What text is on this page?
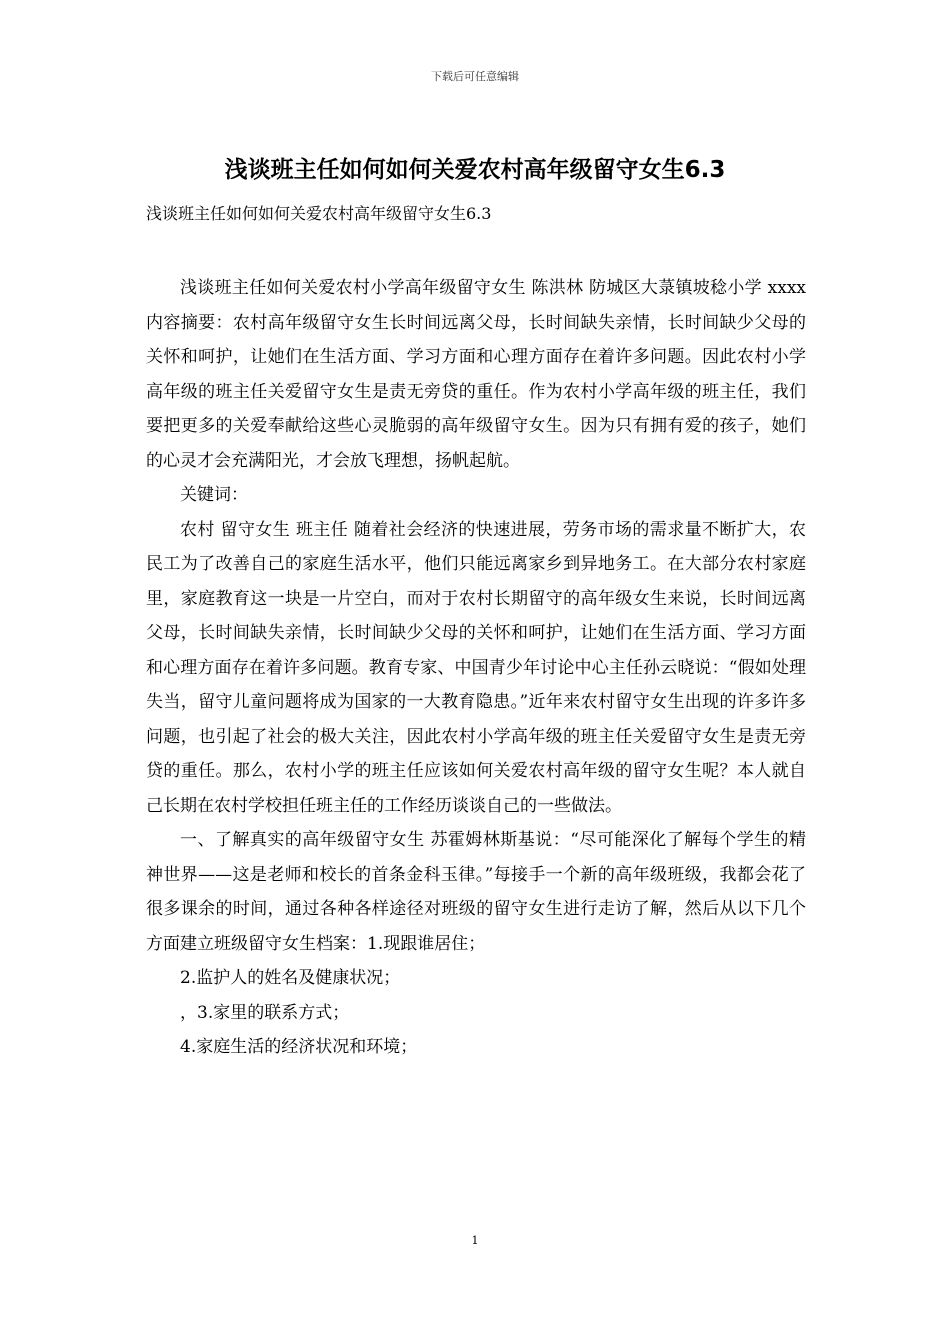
下载后可任意编辑
浅谈班主任如何如何关爱农村高年级留守女生6.3
浅谈班主任如何如何关爱农村高年级留守女生6.3

浅谈班主任如何关爱农村小学高年级留守女生 陈洪林 防城区大菉镇坡稔小学 xxxx 内容摘要：农村高年级留守女生长时间远离父母，长时间缺失亲情，长时间缺少父母的关怀和呵护，让她们在生活方面、学习方面和心理方面存在着许多问题。因此农村小学高年级的班主任关爱留守女生是责无旁贷的重任。作为农村小学高年级的班主任，我们要把更多的关爱奉献给这些心灵脆弱的高年级留守女生。因为只有拥有爱的孩子，她们的心灵才会充满阳光，才会放飞理想，扬帆起航。

关键词：

农村 留守女生 班主任 随着社会经济的快速进展，劳务市场的需求量不断扩大，农民工为了改善自己的家庭生活水平，他们只能远离家乡到异地务工。在大部分农村家庭里，家庭教育这一块是一片空白，而对于农村长期留守的高年级女生来说，长时间远离父母，长时间缺失亲情，长时间缺少父母的关怀和呵护，让她们在生活方面、学习方面和心理方面存在着许多问题。教育专家、中国青少年讨论中心主任孙云晓说：“假如处理失当，留守儿童问题将成为国家的一大教育隐患。”近年来农村留守女生出现的许多许多问题，也引起了社会的极大关注，因此农村小学高年级的班主任关爱留守女生是责无旁贷的重任。那么，农村小学的班主任应该如何关爱农村高年级的留守女生呢？本人就自己长期在农村学校担任班主任的工作经历谈谈自己的一些做法。

一、了解真实的高年级留守女生 苏霍姆林斯基说：“尽可能深化了解每个学生的精神世界——这是老师和校长的首条金科玉律。”每接手一个新的高年级班级，我都会花了很多课余的时间，通过各种各样途径对班级的留守女生进行走访了解，然后从以下几个方面建立班级留守女生档案：1.现跟谁居住；

2.监护人的姓名及健康状况；

，3.家里的联系方式；

4.家庭生活的经济状况和环境；

1
